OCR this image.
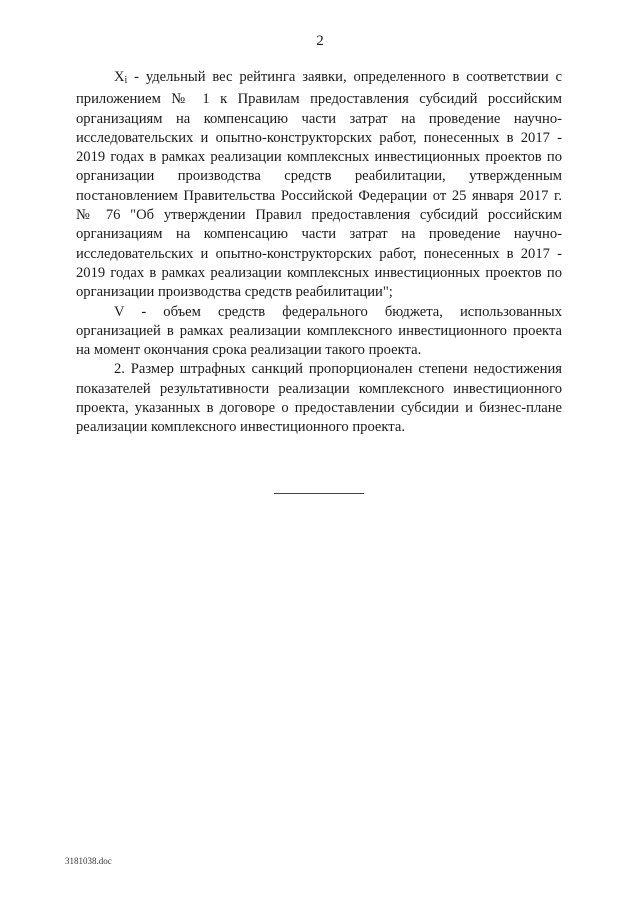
2

$X_i$ - удельный вес рейтинга заявки, определенного в соответствии с приложением № 1 к Правилам предоставления субсидий российским организациям на компенсацию части затрат на проведение научно-исследовательских и опытно-конструкторских работ, понесенных в 2017 - 2019 годах в рамках реализации комплексных инвестиционных проектов по организации производства средств реабилитации, утвержденным постановлением Правительства Российской Федерации от 25 января 2017 г. № 76 "Об утверждении Правил предоставления субсидий российским организациям на компенсацию части затрат на проведение научно-исследовательских и опытно-конструкторских работ, понесенных в 2017 - 2019 годах в рамках реализации комплексных инвестиционных проектов по организации производства средств реабилитации";

V - объем средств федерального бюджета, использованных организацией в рамках реализации комплексного инвестиционного проекта на момент окончания срока реализации такого проекта.

2. Размер штрафных санкций пропорционален степени недостижения показателей результативности реализации комплексного инвестиционного проекта, указанных в договоре о предоставлении субсидии и бизнес-плане реализации комплексного инвестиционного проекта.

3181038.doc
